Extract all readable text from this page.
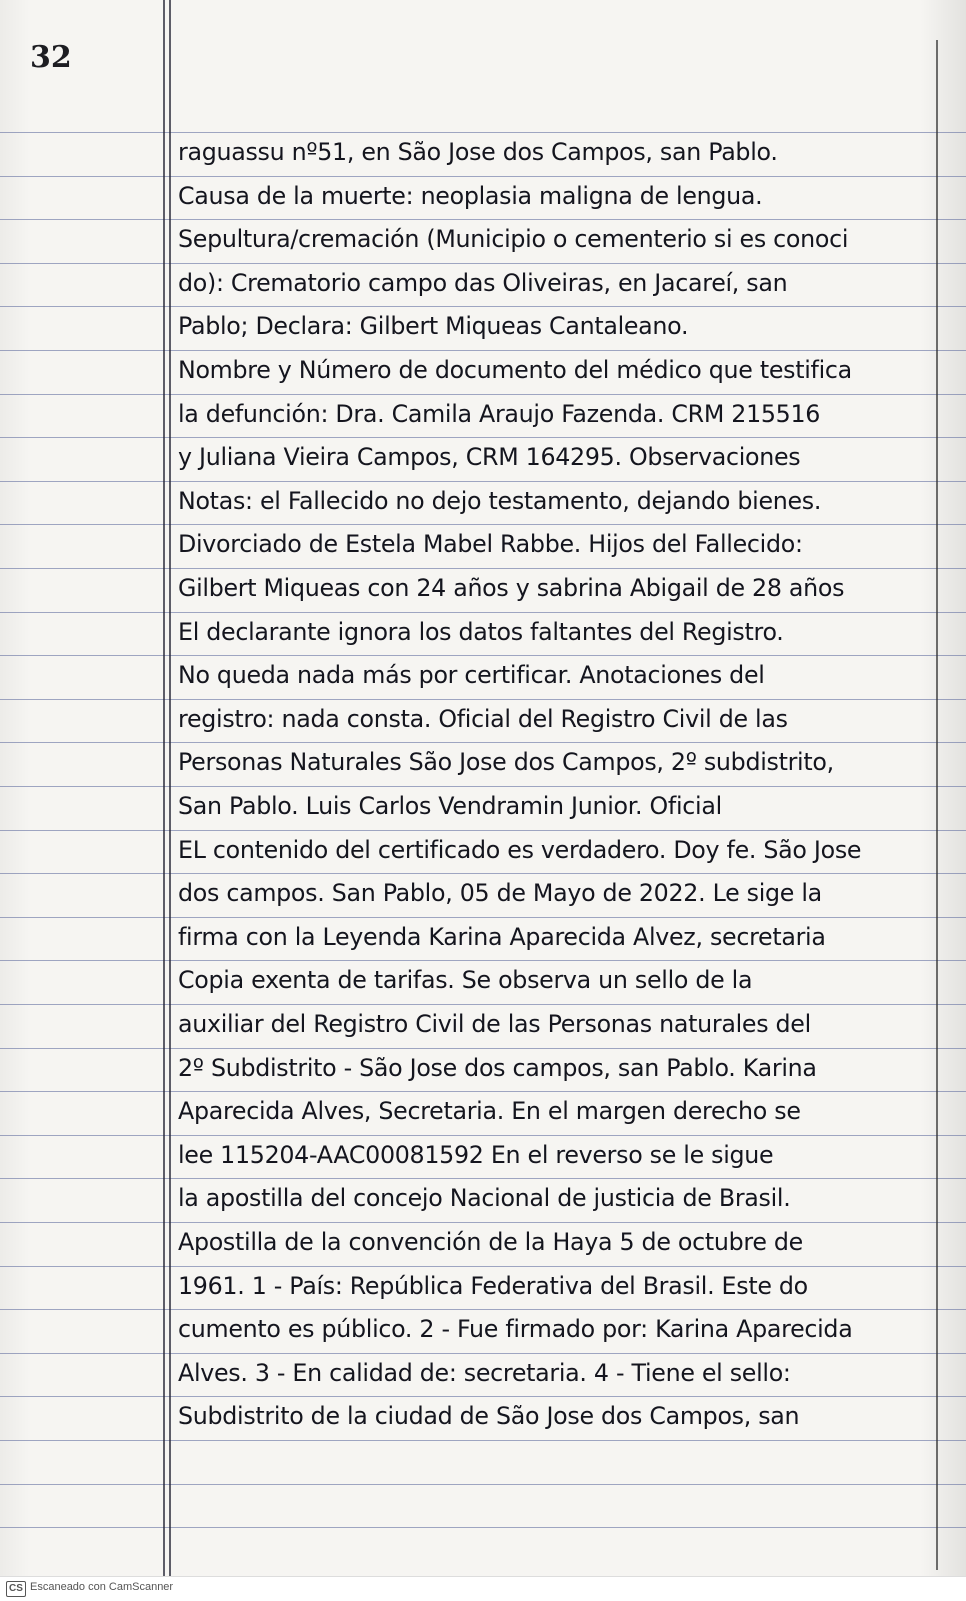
32
raguassu nº51, en São Jose dos Campos, san Pablo.
Causa de la muerte: neoplasia maligna de lengua.
Sepultura/cremación (Municipio o cementerio si es conoci
do): Crematorio campo das Oliveiras, en Jacareí, san
Pablo; Declara: Gilbert Miqueas Cantaleano.
Nombre y Número de documento del médico que testifica
la defunción: Dra. Camila Araujo Fazenda. CRM 215516
y Juliana Vieira Campos, CRM 164295. Observaciones
Notas: el Fallecido no dejo testamento, dejando bienes.
Divorciado de Estela Mabel Rabbe. Hijos del Fallecido:
Gilbert Miqueas con 24 años y sabrina Abigail de 28 años
El declarante ignora los datos faltantes del Registro.
No queda nada más por certificar. Anotaciones del
registro: nada consta. Oficial del Registro Civil de las
Personas Naturales São Jose dos Campos, 2º subdistrito,
San Pablo. Luis Carlos Vendramin Junior. Oficial
EL contenido del certificado es verdadero. Doy fe. São Jose
dos campos. San Pablo, 05 de Mayo de 2022. Le sige la
firma con la Leyenda Karina Aparecida Alvez, secretaria
Copia exenta de tarifas. Se observa un sello de la
auxiliar del Registro Civil de las Personas naturales del
2º Subdistrito - São Jose dos campos, san Pablo. Karina
Aparecida Alves, Secretaria. En el margen derecho se
lee 115204-AAC00081592 En el reverso se le sigue
la apostilla del concejo Nacional de justicia de Brasil.
Apostilla de la convención de la Haya 5 de octubre de
1961. 1 - País: República Federativa del Brasil. Este do
cumento es público. 2 - Fue firmado por: Karina Aparecida
Alves. 3 - En calidad de: secretaria. 4 - Tiene el sello:
Subdistrito de la ciudad de São Jose dos Campos, san
CS Escaneado con CamScanner
